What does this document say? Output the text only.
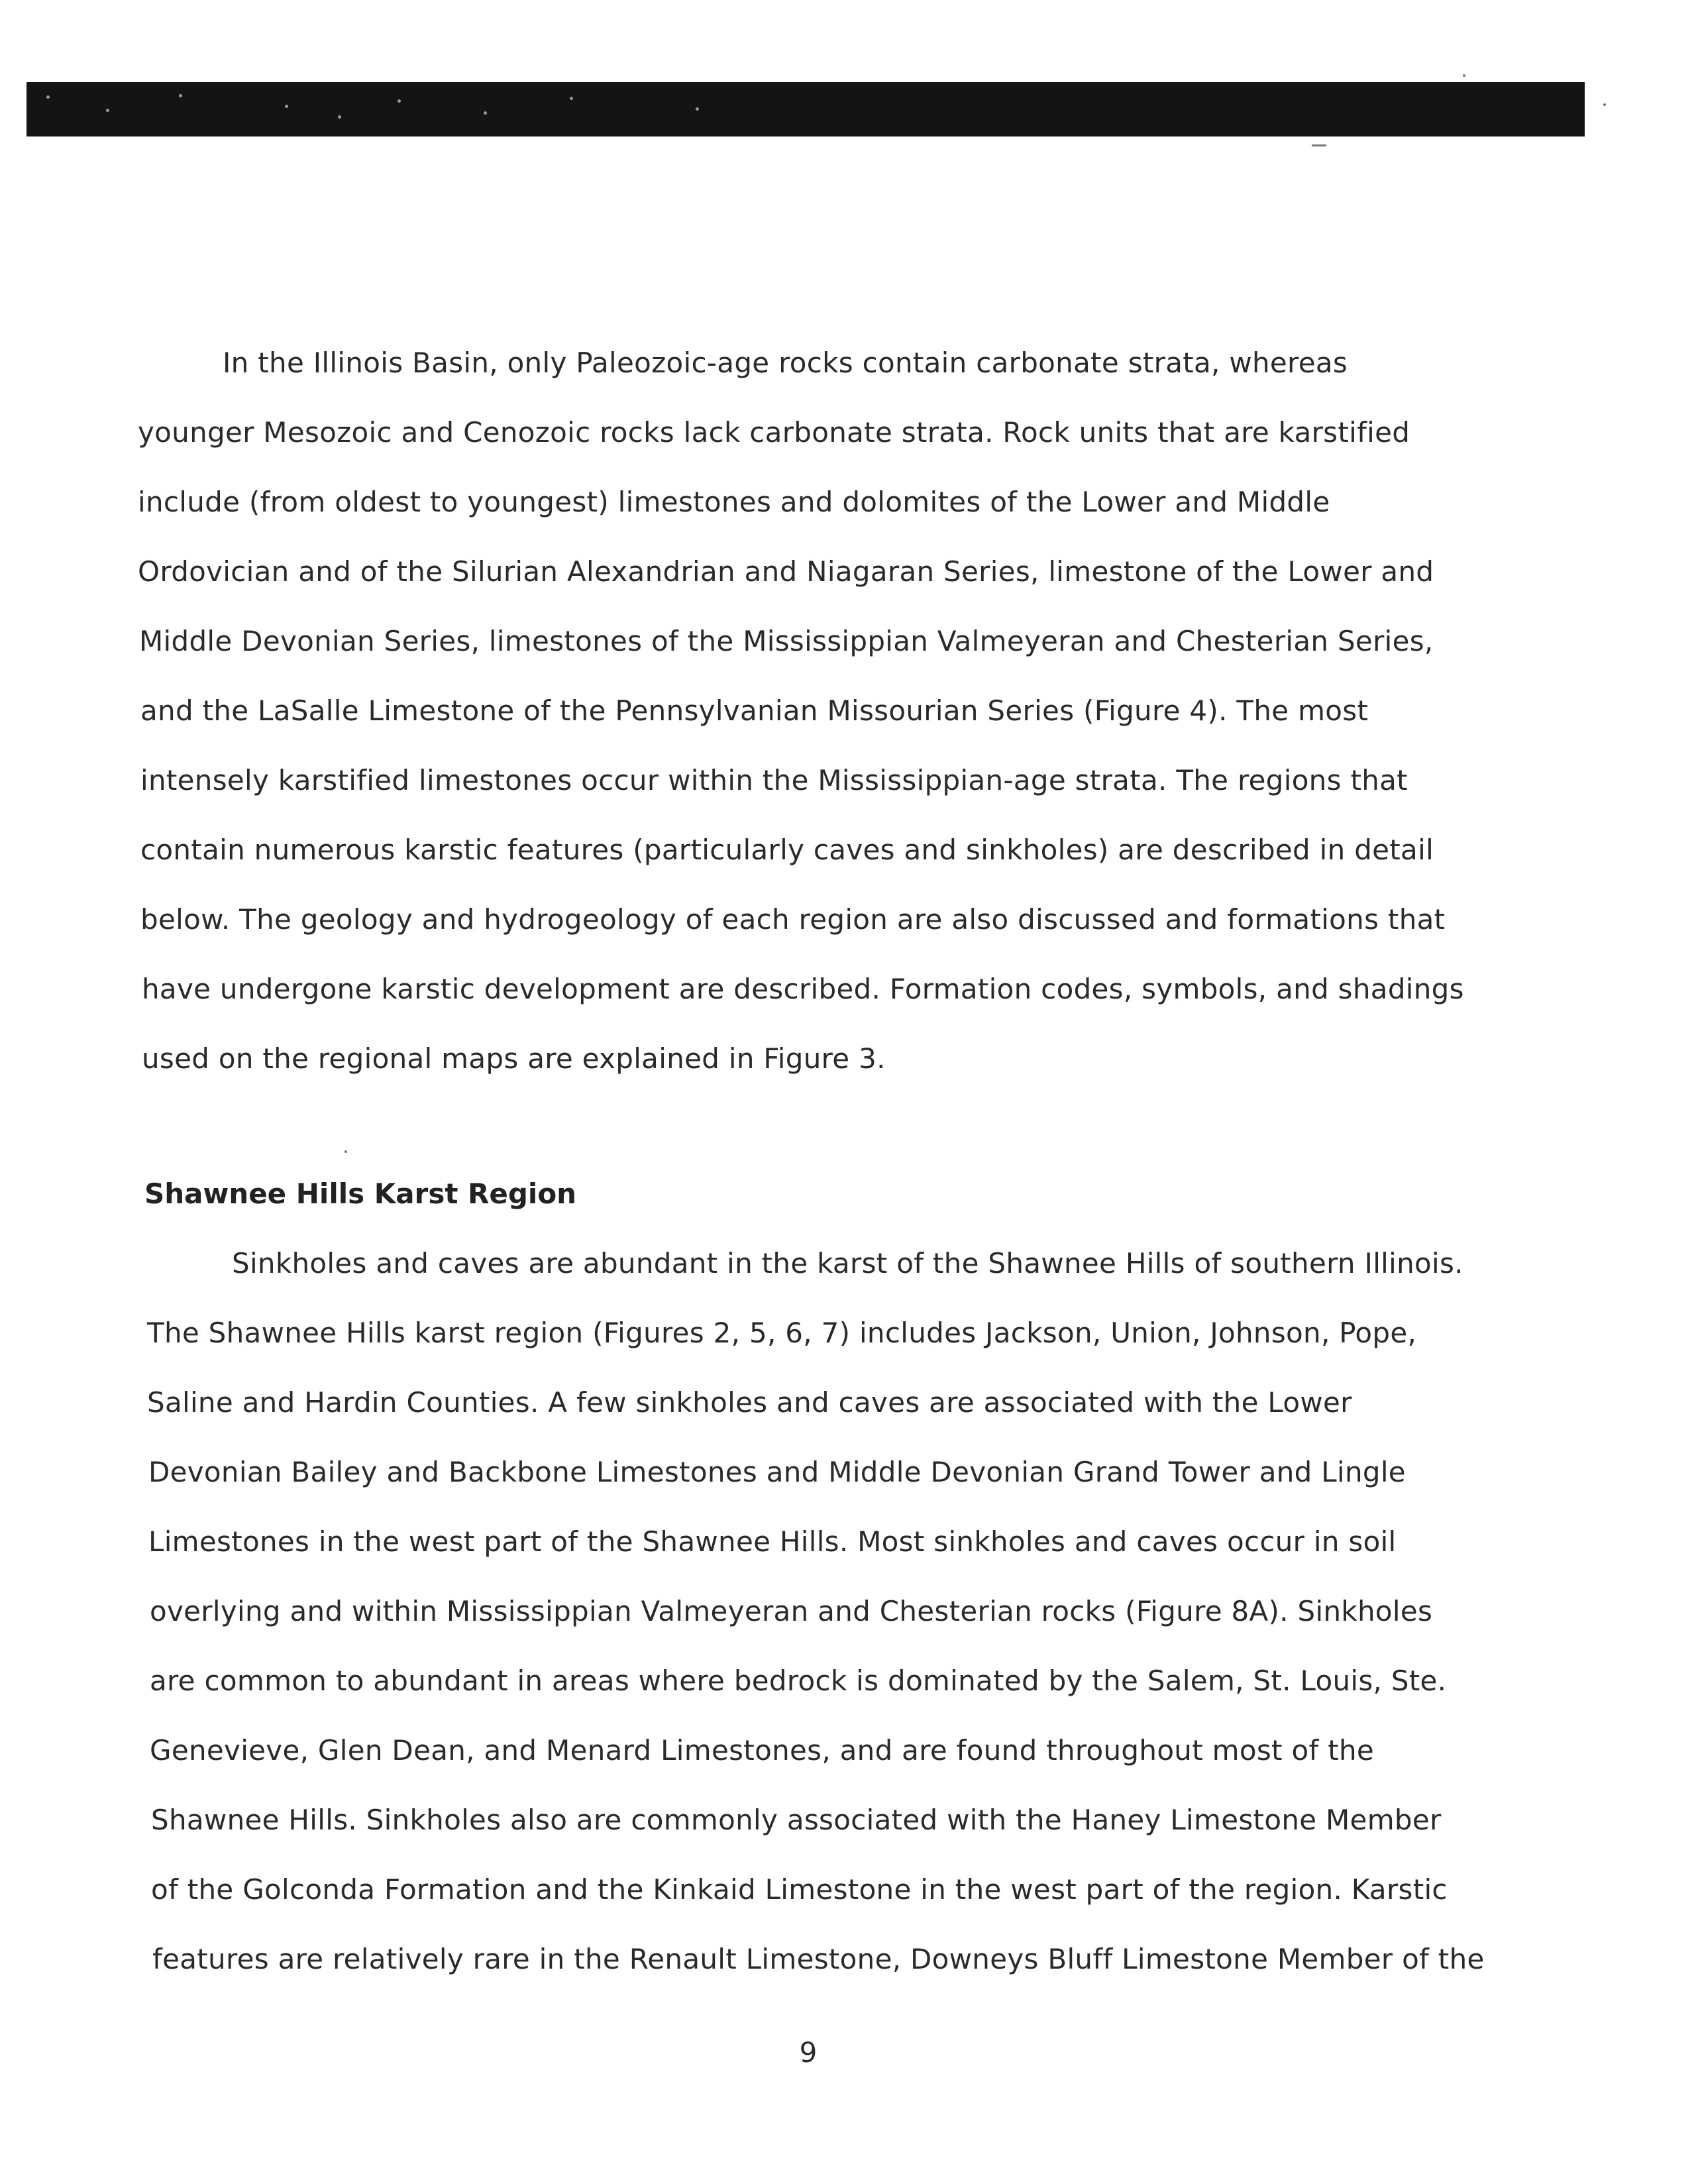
In the Illinois Basin, only Paleozoic-age rocks contain carbonate strata, whereas
younger Mesozoic and Cenozoic rocks lack carbonate strata. Rock units that are karstified
include (from oldest to youngest) limestones and dolomites of the Lower and Middle
Ordovician and of the Silurian Alexandrian and Niagaran Series, limestone of the Lower and
Middle Devonian Series, limestones of the Mississippian Valmeyeran and Chesterian Series,
and the LaSalle Limestone of the Pennsylvanian Missourian Series (Figure 4). The most
intensely karstified limestones occur within the Mississippian-age strata. The regions that
contain numerous karstic features (particularly caves and sinkholes) are described in detail
below. The geology and hydrogeology of each region are also discussed and formations that
have undergone karstic development are described. Formation codes, symbols, and shadings
used on the regional maps are explained in Figure 3.
Shawnee Hills Karst Region
Sinkholes and caves are abundant in the karst of the Shawnee Hills of southern Illinois.
The Shawnee Hills karst region (Figures 2, 5, 6, 7) includes Jackson, Union, Johnson, Pope,
Saline and Hardin Counties. A few sinkholes and caves are associated with the Lower
Devonian Bailey and Backbone Limestones and Middle Devonian Grand Tower and Lingle
Limestones in the west part of the Shawnee Hills. Most sinkholes and caves occur in soil
overlying and within Mississippian Valmeyeran and Chesterian rocks (Figure 8A). Sinkholes
are common to abundant in areas where bedrock is dominated by the Salem, St. Louis, Ste.
Genevieve, Glen Dean, and Menard Limestones, and are found throughout most of the
Shawnee Hills. Sinkholes also are commonly associated with the Haney Limestone Member
of the Golconda Formation and the Kinkaid Limestone in the west part of the region. Karstic
features are relatively rare in the Renault Limestone, Downeys Bluff Limestone Member of the
9
